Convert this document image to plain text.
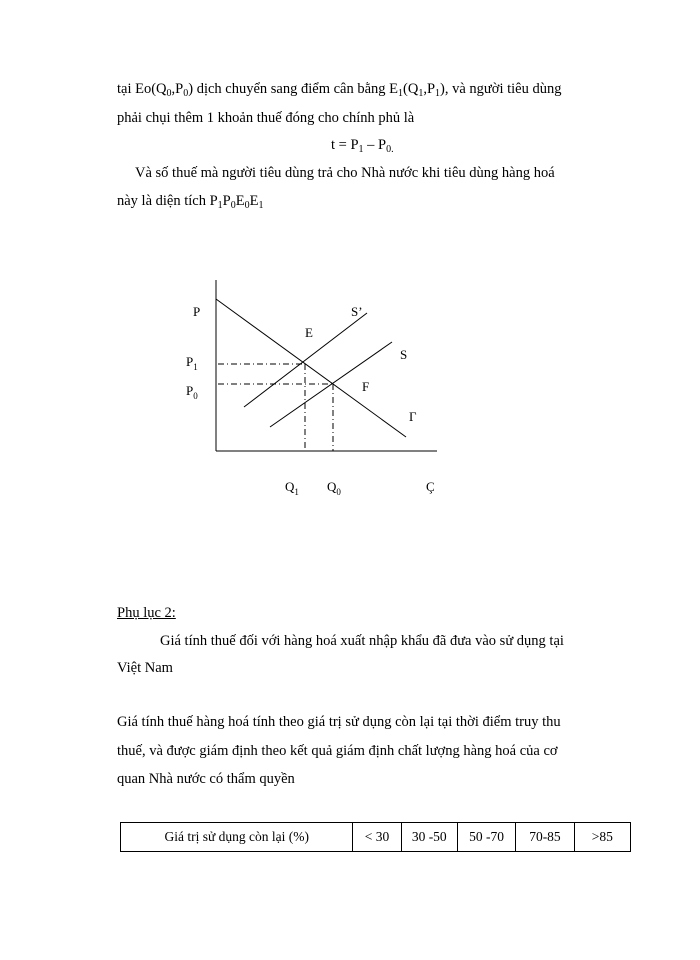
tại $Eo(Q_0,P_0)$ dịch chuyển sang điểm cân bằng $E_1(Q_1,P_1)$, và người tiêu dùng
phải chụi thêm 1 khoản thuế đóng cho chính phủ là
$t = P_1 - P_{0.}$
Và số thuế mà người tiêu dùng trả cho Nhà nước khi tiêu dùng hàng hoá
này là diện tích $P_1P_0E_0E_1$
P
$P_1$
$P_0$
S’
S
E
F
Γ
$Q_1$ $Q_0$	Ç
Phụ lục 2:
Giá tính thuế đối với hàng hoá xuất nhập khẩu đã đưa vào sử dụng tại
Việt Nam
Giá tính thuế hàng hoá tính theo giá trị sử dụng còn lại tại thời điểm truy thu
thuế, và được giám định theo kết quả giám định chất lượng hàng hoá của cơ
quan Nhà nước có thẩm quyền
Giá trị sử dụng còn lại (%)	< 30	30 -50	50 -70	70-85	>85
